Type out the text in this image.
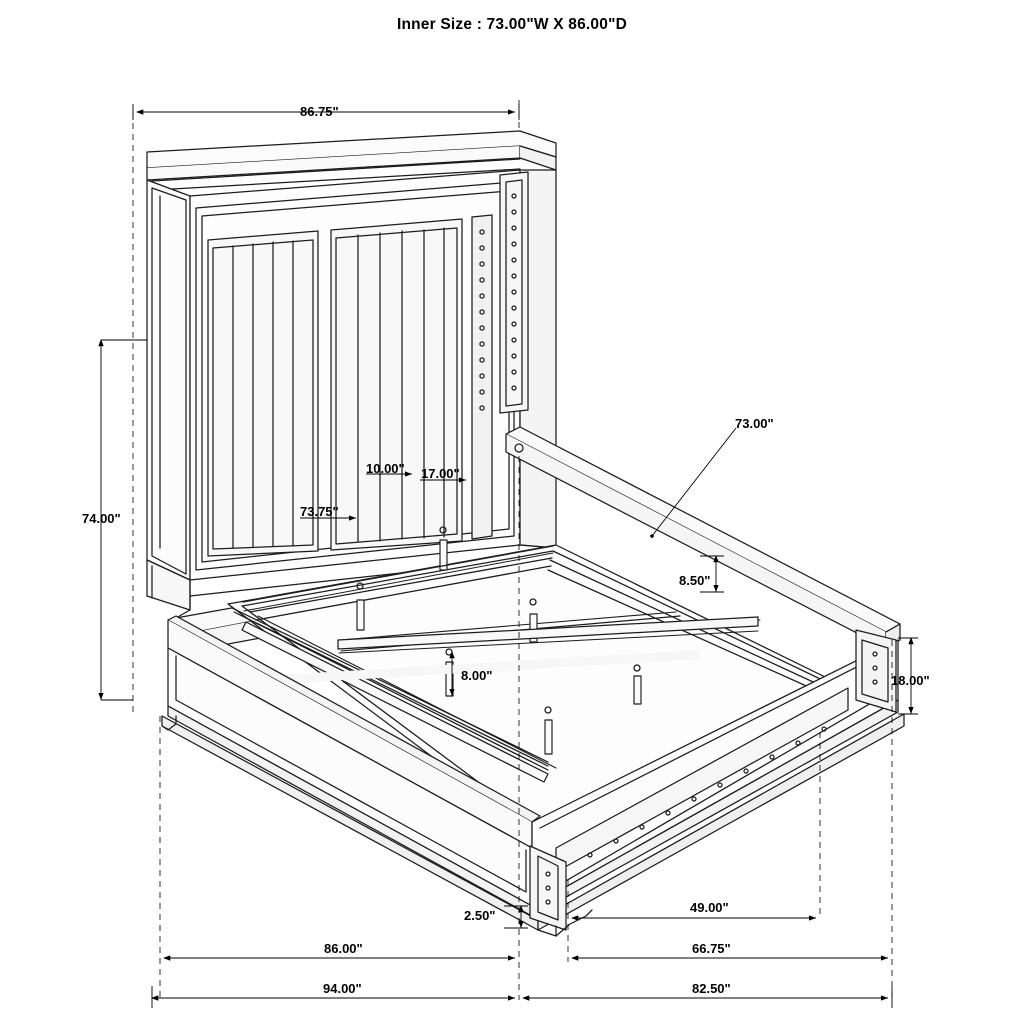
Inner Size : 73.00"W X 86.00"D
86.75"
74.00"
73.00"
10.00" 17.00"
73.75"
8.50"
8.00"	18.00"
2.50"
49.00"
86.00"	66.75"
94.00"	82.50"
